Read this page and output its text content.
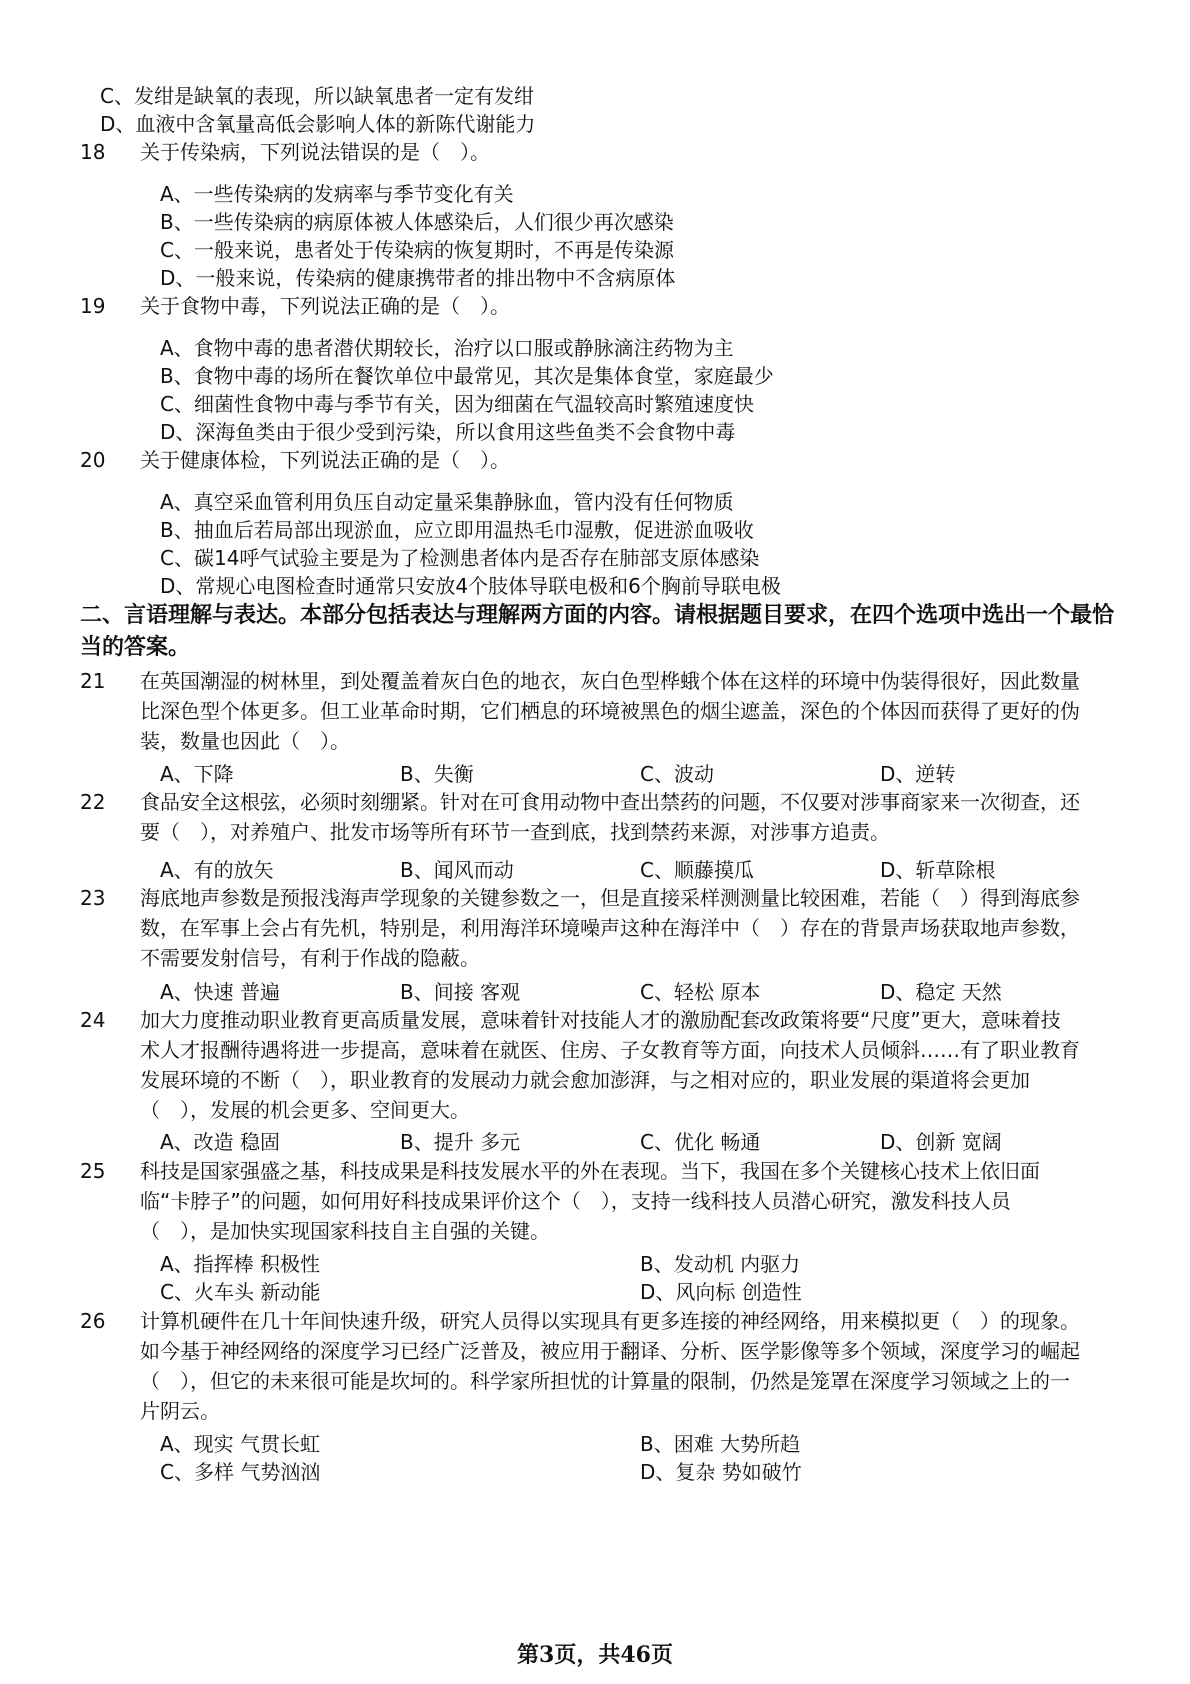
C、发绀是缺氧的表现，所以缺氧患者一定有发绀
D、血液中含氧量高低会影响人体的新陈代谢能力
18	关于传染病，下列说法错误的是（　）。
A、一些传染病的发病率与季节变化有关
B、一些传染病的病原体被人体感染后，人们很少再次感染
C、一般来说，患者处于传染病的恢复期时，不再是传染源
D、一般来说，传染病的健康携带者的排出物中不含病原体
19	关于食物中毒，下列说法正确的是（　）。
A、食物中毒的患者潜伏期较长，治疗以口服或静脉滴注药物为主
B、食物中毒的场所在餐饮单位中最常见，其次是集体食堂，家庭最少
C、细菌性食物中毒与季节有关，因为细菌在气温较高时繁殖速度快
D、深海鱼类由于很少受到污染，所以食用这些鱼类不会食物中毒
20	关于健康体检，下列说法正确的是（　）。
A、真空采血管利用负压自动定量采集静脉血，管内没有任何物质
B、抽血后若局部出现淤血，应立即用温热毛巾湿敷，促进淤血吸收
C、碳14呼气试验主要是为了检测患者体内是否存在肺部支原体感染
D、常规心电图检查时通常只安放4个肢体导联电极和6个胸前导联电极
二、言语理解与表达。本部分包括表达与理解两方面的内容。请根据题目要求，在四个选项中选出一个最恰当的答案。
21	在英国潮湿的树林里，到处覆盖着灰白色的地衣，灰白色型桦蛾个体在这样的环境中伪装得很好，因此数量比深色型个体更多。但工业革命时期，它们栖息的环境被黑色的烟尘遮盖，深色的个体因而获得了更好的伪装，数量也因此（　）。
A、下降	B、失衡	C、波动	D、逆转
22	食品安全这根弦，必须时刻绷紧。针对在可食用动物中查出禁药的问题，不仅要对涉事商家来一次彻查，还要（　），对养殖户、批发市场等所有环节一查到底，找到禁药来源，对涉事方追责。
A、有的放矢	B、闻风而动	C、顺藤摸瓜	D、斩草除根
23	海底地声参数是预报浅海声学现象的关键参数之一，但是直接采样测测量比较困难，若能（　）得到海底参数，在军事上会占有先机，特别是，利用海洋环境噪声这种在海洋中（　）存在的背景声场获取地声参数，不需要发射信号，有利于作战的隐蔽。
A、快速 普遍	B、间接 客观	C、轻松 原本	D、稳定 天然
24	加大力度推动职业教育更高质量发展，意味着针对技能人才的激励配套改政策将要“尺度”更大，意味着技术人才报酬待遇将进一步提高，意味着在就医、住房、子女教育等方面，向技术人员倾斜……有了职业教育发展环境的不断（　），职业教育的发展动力就会愈加澎湃，与之相对应的，职业发展的渠道将会更加（　），发展的机会更多、空间更大。
A、改造 稳固	B、提升 多元	C、优化 畅通	D、创新 宽阔
25	科技是国家强盛之基，科技成果是科技发展水平的外在表现。当下，我国在多个关键核心技术上依旧面临“卡脖子”的问题，如何用好科技成果评价这个（　），支持一线科技人员潜心研究，激发科技人员（　），是加快实现国家科技自主自强的关键。
A、指挥棒 积极性	B、发动机 内驱力
C、火车头 新动能	D、风向标 创造性
26	计算机硬件在几十年间快速升级，研究人员得以实现具有更多连接的神经网络，用来模拟更（　）的现象。如今基于神经网络的深度学习已经广泛普及，被应用于翻译、分析、医学影像等多个领域，深度学习的崛起（　），但它的未来很可能是坎坷的。科学家所担忧的计算量的限制，仍然是笼罩在深度学习领域之上的一片阴云。
A、现实 气贯长虹	B、困难 大势所趋
C、多样 气势汹汹	D、复杂 势如破竹
第3页，共46页
